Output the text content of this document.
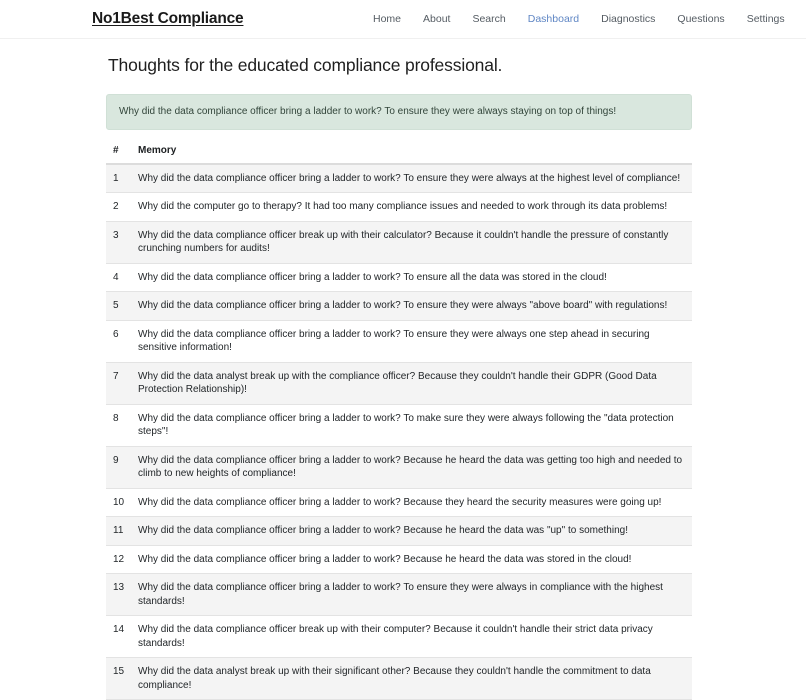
No1Best Compliance	Home About Search Dashboard Diagnostics Questions Settings
Thoughts for the educated compliance professional.
Why did the data compliance officer bring a ladder to work? To ensure they were always staying on top of things!
#	Memory
1	Why did the data compliance officer bring a ladder to work? To ensure they were always at the highest level of compliance!
2	Why did the computer go to therapy? It had too many compliance issues and needed to work through its data problems!
3	Why did the data compliance officer break up with their calculator? Because it couldn't handle the pressure of constantly crunching numbers for audits!
4	Why did the data compliance officer bring a ladder to work? To ensure all the data was stored in the cloud!
5	Why did the data compliance officer bring a ladder to work? To ensure they were always "above board" with regulations!
6	Why did the data compliance officer bring a ladder to work? To ensure they were always one step ahead in securing sensitive information!
7	Why did the data analyst break up with the compliance officer? Because they couldn't handle their GDPR (Good Data Protection Relationship)!
8	Why did the data compliance officer bring a ladder to work? To make sure they were always following the "data protection steps"!
9	Why did the data compliance officer bring a ladder to work? Because he heard the data was getting too high and needed to climb to new heights of compliance!
10	Why did the data compliance officer bring a ladder to work? Because they heard the security measures were going up!
11	Why did the data compliance officer bring a ladder to work? Because he heard the data was "up" to something!
12	Why did the data compliance officer bring a ladder to work? Because he heard the data was stored in the cloud!
13	Why did the data compliance officer bring a ladder to work? To ensure they were always in compliance with the highest standards!
14	Why did the data compliance officer break up with their computer? Because it couldn't handle their strict data privacy standards!
15	Why did the data analyst break up with their significant other? Because they couldn't handle the commitment to data compliance!
